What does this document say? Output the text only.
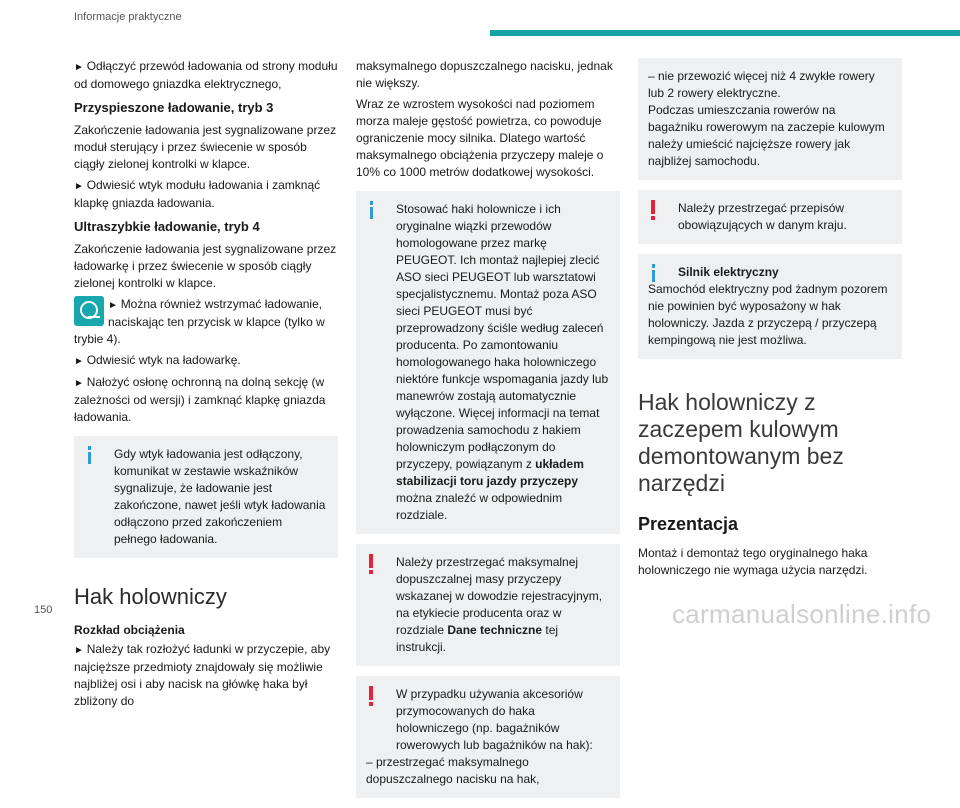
Informacje praktyczne

► Odłączyć przewód ładowania od strony modułu od domowego gniazdka elektrycznego,

Przyspieszone ładowanie, tryb 3

Zakończenie ładowania jest sygnalizowane przez moduł sterujący i przez świecenie w sposób ciągły zielonej kontrolki w klapce.

► Odwiesić wtyk modułu ładowania i zamknąć klapkę gniazda ładowania.

Ultraszybkie ładowanie, tryb 4

Zakończenie ładowania jest sygnalizowane przez ładowarkę i przez świecenie w sposób ciągły zielonej kontrolki w klapce.

► Można również wstrzymać ładowanie, naciskając ten przycisk w klapce (tylko w trybie 4).

► Odwiesić wtyk na ładowarkę.

► Nałożyć osłonę ochronną na dolną sekcję (w zależności od wersji) i zamknąć klapkę gniazda ładowania.

Gdy wtyk ładowania jest odłączony, komunikat w zestawie wskaźników sygnalizuje, że ładowanie jest zakończone, nawet jeśli wtyk ładowania odłączono przed zakończeniem pełnego ładowania.

Hak holowniczy
Rozkład obciążenia

► Należy tak rozłożyć ładunki w przyczepie, aby najcięższe przedmioty znajdowały się możliwie najbliżej osi i aby nacisk na główkę haka był zbliżony do

maksymalnego dopuszczalnego nacisku, jednak nie większy.

Wraz ze wzrostem wysokości nad poziomem morza maleje gęstość powietrza, co powoduje ograniczenie mocy silnika. Dlatego wartość maksymalnego obciążenia przyczepy maleje o 10% co 1000 metrów dodatkowej wysokości.

Stosować haki holownicze i ich oryginalne wiązki przewodów homologowane przez markę PEUGEOT. Ich montaż najlepiej zlecić ASO sieci PEUGEOT lub warsztatowi specjalistycznemu. Montaż poza ASO sieci PEUGEOT musi być przeprowadzony ściśle według zaleceń producenta. Po zamontowaniu homologowanego haka holowniczego niektóre funkcje wspomagania jazdy lub manewrów zostają automatycznie wyłączone. Więcej informacji na temat prowadzenia samochodu z hakiem holowniczym podłączonym do przyczepy, powiązanym z układem stabilizacji toru jazdy przyczepy można znaleźć w odpowiednim rozdziale.

Należy przestrzegać maksymalnej dopuszczalnej masy przyczepy wskazanej w dowodzie rejestracyjnym, na etykiecie producenta oraz w rozdziale Dane techniczne tej instrukcji.

W przypadku używania akcesoriów przymocowanych do haka holowniczego (np. bagażników rowerowych lub bagażników na hak):

– przestrzegać maksymalnego dopuszczalnego nacisku na hak,

– nie przewozić więcej niż 4 zwykłe rowery lub 2 rowery elektryczne.

Podczas umieszczania rowerów na bagażniku rowerowym na zaczepie kulowym należy umieścić najcięższe rowery jak najbliżej samochodu.

Należy przestrzegać przepisów obowiązujących w danym kraju.

Silnik elektryczny

Samochód elektryczny pod żadnym pozorem nie powinien być wyposażony w hak holowniczy. Jazda z przyczepą / przyczepą kempingową nie jest możliwa.

Hak holowniczy z zaczepem kulowym demontowanym bez narzędzi
Prezentacja

Montaż i demontaż tego oryginalnego haka holowniczego nie wymaga użycia narzędzi.

150	carmanualsonline.info
